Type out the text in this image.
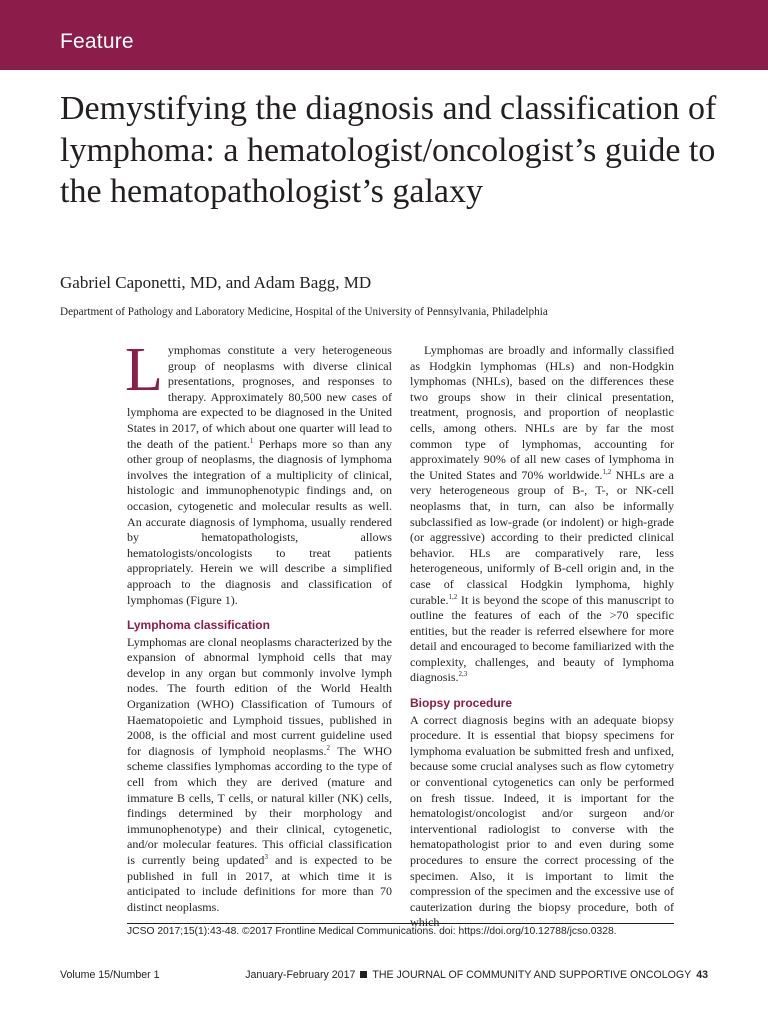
Feature
Demystifying the diagnosis and classification of lymphoma: a hematologist/oncologist’s guide to the hematopathologist’s galaxy
Gabriel Caponetti, MD, and Adam Bagg, MD
Department of Pathology and Laboratory Medicine, Hospital of the University of Pennsylvania, Philadelphia

Lymphomas constitute a very heterogeneous group of neoplasms with diverse clinical presentations, prognoses, and responses to therapy. Approximately 80,500 new cases of lymphoma are expected to be diagnosed in the United States in 2017, of which about one quarter will lead to the death of the patient.$^1$ Perhaps more so than any other group of neoplasms, the diagnosis of lymphoma involves the integration of a multiplicity of clinical, histologic and immunophenotypic findings and, on occasion, cytogenetic and molecular results as well. An accurate diagnosis of lymphoma, usually rendered by hematopathologists, allows hematologists/oncologists to treat patients appropriately. Herein we will describe a simplified approach to the diagnosis and classification of lymphomas (Figure 1).

Lymphoma classification

Lymphomas are clonal neoplasms characterized by the expansion of abnormal lymphoid cells that may develop in any organ but commonly involve lymph nodes. The fourth edition of the World Health Organization (WHO) Classification of Tumours of Haematopoietic and Lymphoid tissues, published in 2008, is the official and most current guideline used for diagnosis of lymphoid neoplasms.$^2$ The WHO scheme classifies lymphomas according to the type of cell from which they are derived (mature and immature B cells, T cells, or natural killer (NK) cells, findings determined by their morphology and immunophenotype) and their clinical, cytogenetic, and/or molecular features. This official classification is currently being updated$^3$ and is expected to be published in full in 2017, at which time it is anticipated to include definitions for more than 70 distinct neoplasms.

Lymphomas are broadly and informally classified as Hodgkin lymphomas (HLs) and non-Hodgkin lymphomas (NHLs), based on the differences these two groups show in their clinical presentation, treatment, prognosis, and proportion of neoplastic cells, among others. NHLs are by far the most common type of lymphomas, accounting for approximately 90% of all new cases of lymphoma in the United States and 70% worldwide.$^{1,2}$ NHLs are a very heterogeneous group of B-, T-, or NK-cell neoplasms that, in turn, can also be informally subclassified as low-grade (or indolent) or high-grade (or aggressive) according to their predicted clinical behavior. HLs are comparatively rare, less heterogeneous, uniformly of B-cell origin and, in the case of classical Hodgkin lymphoma, highly curable.$^{1,2}$ It is beyond the scope of this manuscript to outline the features of each of the >70 specific entities, but the reader is referred elsewhere for more detail and encouraged to become familiarized with the complexity, challenges, and beauty of lymphoma diagnosis.$^{2,3}$

Biopsy procedure

A correct diagnosis begins with an adequate biopsy procedure. It is essential that biopsy specimens for lymphoma evaluation be submitted fresh and unfixed, because some crucial analyses such as flow cytometry or conventional cytogenetics can only be performed on fresh tissue. Indeed, it is important for the hematologist/oncologist and/or surgeon and/or interventional radiologist to converse with the hematopathologist prior to and even during some procedures to ensure the correct processing of the specimen. Also, it is important to limit the compression of the specimen and the excessive use of cauterization during the biopsy procedure, both of which

JCSO 2017;15(1):43-48. ©2017 Frontline Medical Communications. doi: https://doi.org/10.12788/jcso.0328.
Volume 15/Number 1	January-February 2017 THE JOURNAL OF COMMUNITY AND SUPPORTIVE ONCOLOGY 43
